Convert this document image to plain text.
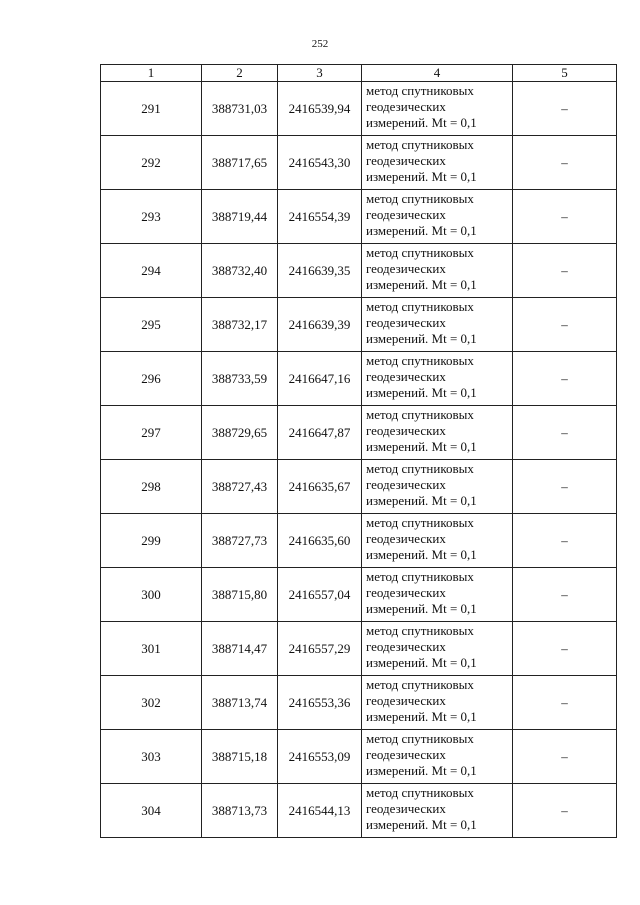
252
1	2	3	4	5
291	388731,03	2416539,94	метод спутниковых
геодезических
измерений. Mt = 0,1	–
292	388717,65	2416543,30	метод спутниковых
геодезических
измерений. Mt = 0,1	–
293	388719,44	2416554,39	метод спутниковых
геодезических
измерений. Mt = 0,1	–
294	388732,40	2416639,35	метод спутниковых
геодезических
измерений. Mt = 0,1	–
295	388732,17	2416639,39	метод спутниковых
геодезических
измерений. Mt = 0,1	–
296	388733,59	2416647,16	метод спутниковых
геодезических
измерений. Mt = 0,1	–
297	388729,65	2416647,87	метод спутниковых
геодезических
измерений. Mt = 0,1	–
298	388727,43	2416635,67	метод спутниковых
геодезических
измерений. Mt = 0,1	–
299	388727,73	2416635,60	метод спутниковых
геодезических
измерений. Mt = 0,1	–
300	388715,80	2416557,04	метод спутниковых
геодезических
измерений. Mt = 0,1	–
301	388714,47	2416557,29	метод спутниковых
геодезических
измерений. Mt = 0,1	–
302	388713,74	2416553,36	метод спутниковых
геодезических
измерений. Mt = 0,1	–
303	388715,18	2416553,09	метод спутниковых
геодезических
измерений. Mt = 0,1	–
304	388713,73	2416544,13	метод спутниковых
геодезических
измерений. Mt = 0,1	–
